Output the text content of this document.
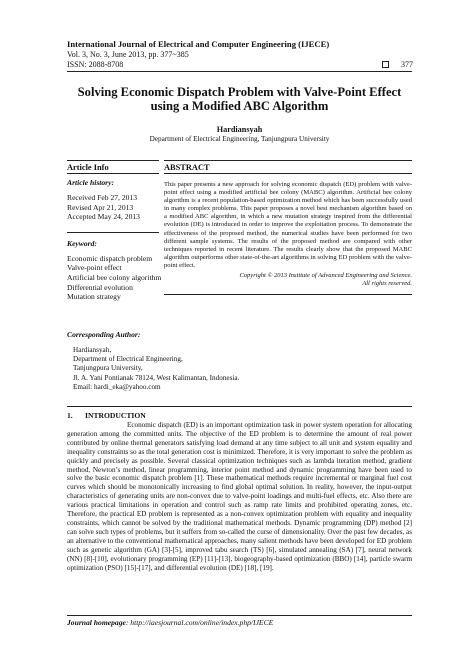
International Journal of Electrical and Computer Engineering (IJECE)
Vol. 3, No. 3, June 2013, pp. 377~385
ISSN: 2088-8708	377
Solving Economic Dispatch Problem with Valve-Point Effect
using a Modified ABC Algorithm
Hardiansyah
Department of Electrical Engineering, Tanjungpura University
Article Info
Article history:
Received Feb 27, 2013
Revised Apr 21, 2013
Accepted May 24, 2013
Keyword:
Economic dispatch problem
Valve-point effect
Artificial bee colony algorithm
Differential evolution
Mutation strategy
ABSTRACT
This paper presents a new approach for solving economic dispatch (ED) problem with valve-point effect using a modified artificial bee colony (MABC) algorithm. Artificial bee colony algorithm is a recent population-based optimization method which has been successfully used in many complex problems. This paper proposes a novel best mechanism algorithm based on a modified ABC algorithm, in which a new mutation strategy inspired from the differential evolution (DE) is introduced in order to improve the exploitation process. To demonstrate the effectiveness of the proposed method, the numerical studies have been performed for two different sample systems. The results of the proposed method are compared with other techniques reported in recent literature. The results clearly show that the proposed MABC algorithm outperforms other state-of-the-art algorithms in solving ED problem with the valve-point effect.
Copyright © 2013 Institute of Advanced Engineering and Science.
All rights reserved.
Corresponding Author:
Hardiansyah,
Department of Electrical Engineering,
Tanjungpura University,
Jl. A. Yani Pontianak 78124, West Kalimantan, Indonesia.
Email: hardi_eka@yahoo.com
1. INTRODUCTION
Economic dispatch (ED) is an important optimization task in power system operation for allocating generation among the committed units. The objective of the ED problem is to determine the amount of real power contributed by online thermal generators satisfying load demand at any time subject to all unit and system equality and inequality constraints so as the total generation cost is minimized. Therefore, it is very important to solve the problem as quickly and precisely as possible. Several classical optimization techniques such as lambda iteration method, gradient method, Newton’s method, linear programming, interior point method and dynamic programming have been used to solve the basic economic dispatch problem [1]. These mathematical methods require incremental or marginal fuel cost curves which should be monotonically increasing to find global optimal solution. In reality, however, the input-output characteristics of generating units are non-convex due to valve-point loadings and multi-fuel effects, etc. Also there are various practical limitations in operation and control such as ramp rate limits and prohibited operating zones, etc. Therefore, the practical ED problem is represented as a non-convex optimization problem with equality and inequality constraints, which cannot be solved by the traditional mathematical methods. Dynamic programming (DP) method [2] can solve such types of problems, but it suffers from so-called the curse of dimensionality. Over the past few decades, as an alternative to the conventional mathematical approaches, many salient methods have been developed for ED problem such as genetic algorithm (GA) [3]-[5], improved tabu search (TS) [6], simulated annealing (SA) [7], neural network (NN) [8]-[10], evolutionary programming (EP) [11]-[13], biogeography-based optimization (BBO) [14], particle swarm optimization (PSO) [15]-[17], and differential evolution (DE) [18], [19].
Journal homepage: http://iaesjournal.com/online/index.php/IJECE
